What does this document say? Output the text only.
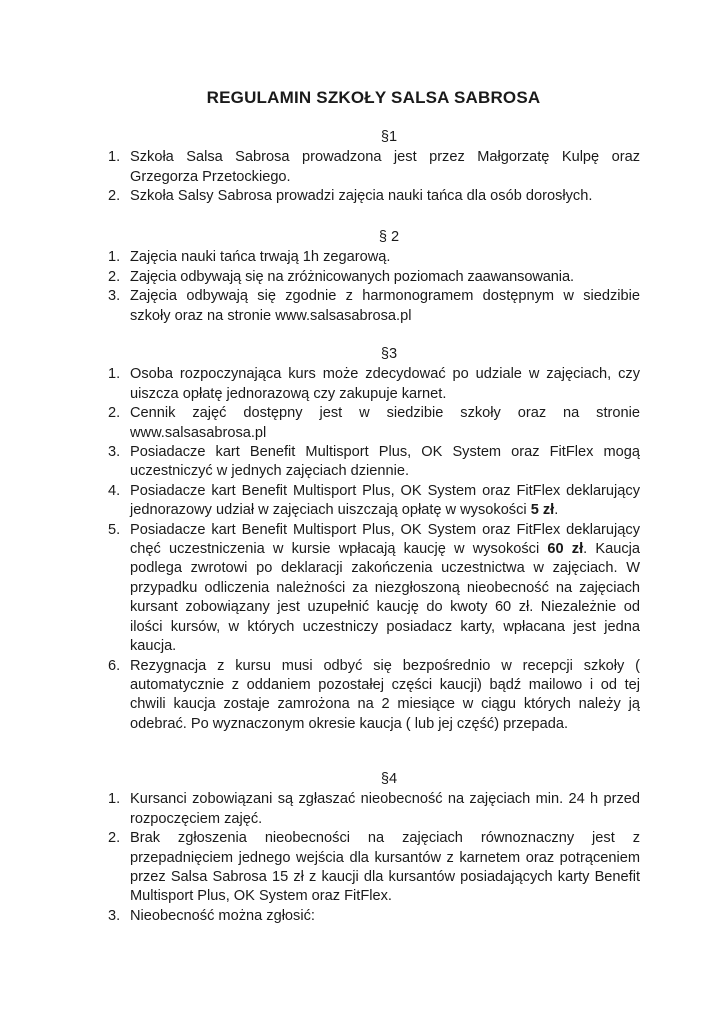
REGULAMIN SZKOŁY SALSA SABROSA
§1
1. Szkoła Salsa Sabrosa prowadzona jest przez Małgorzatę Kulpę oraz Grzegorza Przetockiego.
2. Szkoła Salsy Sabrosa prowadzi zajęcia nauki tańca dla osób dorosłych.
§ 2
1. Zajęcia nauki tańca trwają 1h zegarową.
2. Zajęcia odbywają się na zróżnicowanych poziomach zaawansowania.
3. Zajęcia odbywają się zgodnie z harmonogramem dostępnym w siedzibie szkoły oraz na stronie www.salsasabrosa.pl
§3
1. Osoba rozpoczynająca kurs może zdecydować po udziale w zajęciach, czy uiszcza opłatę jednorazową czy zakupuje karnet.
2. Cennik zajęć dostępny jest w siedzibie szkoły oraz na stronie www.salsasabrosa.pl
3. Posiadacze kart Benefit Multisport Plus, OK System oraz FitFlex mogą uczestniczyć w jednych zajęciach dziennie.
4. Posiadacze kart Benefit Multisport Plus, OK System oraz FitFlex deklarujący jednorazowy udział w zajęciach uiszczają opłatę w wysokości 5 zł.
5. Posiadacze kart Benefit Multisport Plus, OK System oraz FitFlex deklarujący chęć uczestniczenia w kursie wpłacają kaucję w wysokości 60 zł. Kaucja podlega zwrotowi po deklaracji zakończenia uczestnictwa w zajęciach. W przypadku odliczenia należności za niezgłoszoną nieobecność na zajęciach kursant zobowiązany jest uzupełnić kaucję do kwoty 60 zł. Niezależnie od ilości kursów, w których uczestniczy posiadacz karty, wpłacana jest jedna kaucja.
6. Rezygnacja z kursu musi odbyć się bezpośrednio w recepcji szkoły ( automatycznie z oddaniem pozostałej części kaucji) bądź mailowo i od tej chwili kaucja zostaje zamrożona na 2 miesiące w ciągu których należy ją odebrać. Po wyznaczonym okresie kaucja ( lub jej część) przepada.
§4
1. Kursanci zobowiązani są zgłaszać nieobecność na zajęciach min. 24 h przed rozpoczęciem zajęć.
2. Brak zgłoszenia nieobecności na zajęciach równoznaczny jest z przepadnięciem jednego wejścia dla kursantów z karnetem oraz potrąceniem przez Salsa Sabrosa 15 zł z kaucji dla kursantów posiadających karty Benefit Multisport Plus, OK System oraz FitFlex.
3. Nieobecność można zgłosić:
